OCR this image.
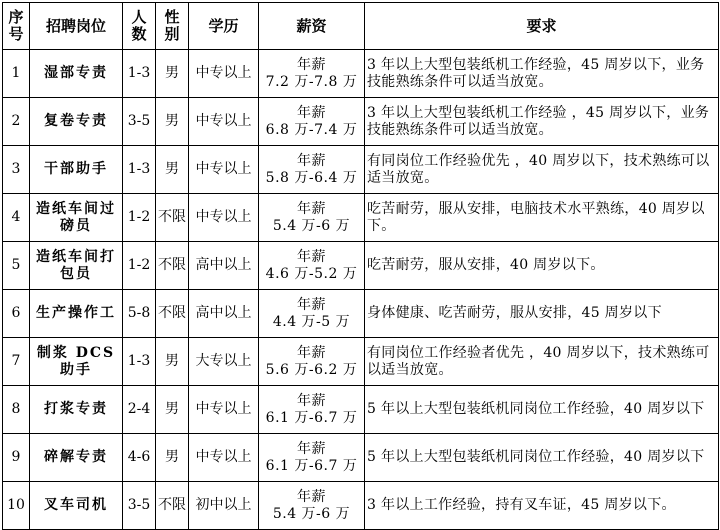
序号	招聘岗位	人数	性别	学历	薪资	要求
1	湿部专责	1-3	男	中专以上	年薪
7.2 万-7.8 万	3 年以上大型包装纸机工作经验，45 周岁以下，业务技能熟练条件可以适当放宽。
2	复卷专责	3-5	男	中专以上	年薪
6.8 万-7.4 万	3 年以上大型包装纸机工作经验 ，45 周岁以下，业务技能熟练条件可以适当放宽。
3	干部助手	1-3	男	中专以上	年薪
5.8 万-6.4 万	有同岗位工作经验优先 ，40 周岁以下，技术熟练可以适当放宽。
4	造纸车间过磅员	1-2	不限	中专以上	年薪
5.4 万-6 万	吃苦耐劳，服从安排，电脑技术水平熟练，40 周岁以下。
5	造纸车间打包员	1-2	不限	高中以上	年薪
4.6 万-5.2 万	吃苦耐劳，服从安排，40 周岁以下。
6	生产操作工	5-8	不限	高中以上	年薪
4.4 万-5 万	身体健康、吃苦耐劳，服从安排，45 周岁以下
7	制浆 DCS 助手	1-3	男	大专以上	年薪
5.6 万-6.2 万	有同岗位工作经验者优先 ，40 周岁以下，技术熟练可以适当放宽。
8	打浆专责	2-4	男	中专以上	年薪
6.1 万-6.7 万	5 年以上大型包装纸机同岗位工作经验，40 周岁以下
9	碎解专责	4-6	男	中专以上	年薪
6.1 万-6.7 万	5 年以上大型包装纸机同岗位工作经验，40 周岁以下
10	叉车司机	3-5	不限	初中以上	年薪
5.4 万-6 万	3 年以上工作经验，持有叉车证，45 周岁以下。
